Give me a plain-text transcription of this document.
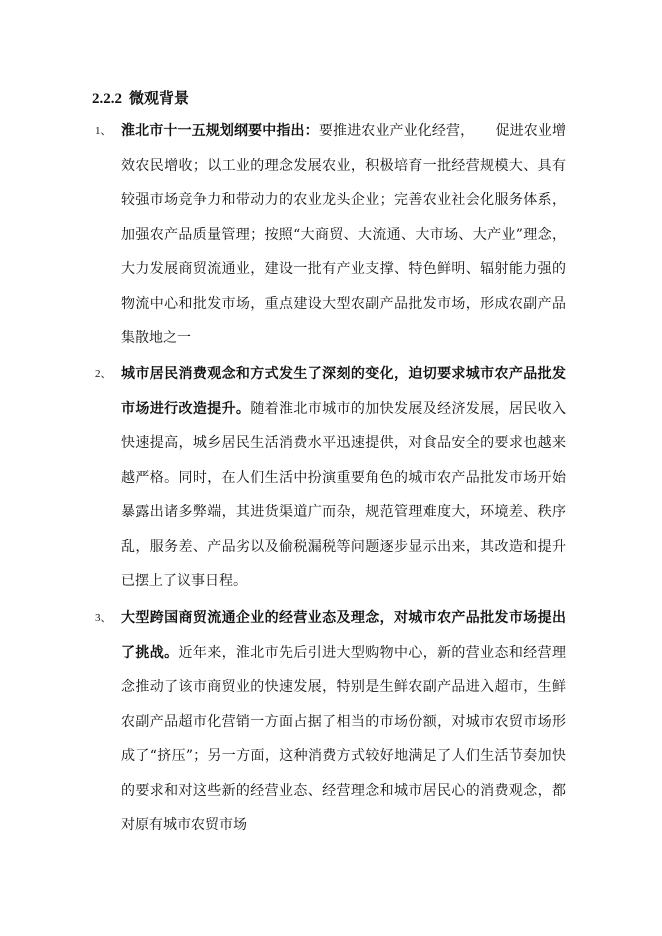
2.2.2 微观背景
1、 淮北市十一五规划纲要中指出：要推进农业产业化经营，　　促进农业增效农民增收；以工业的理念发展农业，积极培育一批经营规模大、具有较强市场竞争力和带动力的农业龙头企业；完善农业社会化服务体系，加强农产品质量管理；按照“大商贸、大流通、大市场、大产业”理念，大力发展商贸流通业，建设一批有产业支撑、特色鲜明、辐射能力强的物流中心和批发市场，重点建设大型农副产品批发市场，形成农副产品集散地之一
2、 城市居民消费观念和方式发生了深刻的变化，迫切要求城市农产品批发市场进行改造提升。随着淮北市城市的加快发展及经济发展，居民收入快速提高，城乡居民生活消费水平迅速提供，对食品安全的要求也越来越严格。同时，在人们生活中扮演重要角色的城市农产品批发市场开始暴露出诸多弊端，其进货渠道广而杂，规范管理难度大，环境差、秩序乱，服务差、产品劣以及偷税漏税等问题逐步显示出来，其改造和提升已摆上了议事日程。
3、 大型跨国商贸流通企业的经营业态及理念，对城市农产品批发市场提出了挑战。近年来，淮北市先后引进大型购物中心，新的营业态和经营理念推动了该市商贸业的快速发展，特别是生鲜农副产品进入超市，生鲜农副产品超市化营销一方面占据了相当的市场份额，对城市农贸市场形成了“挤压”；另一方面，这种消费方式较好地满足了人们生活节奏加快的要求和对这些新的经营业态、经营理念和城市居民心的消费观念，都对原有城市农贸市场
